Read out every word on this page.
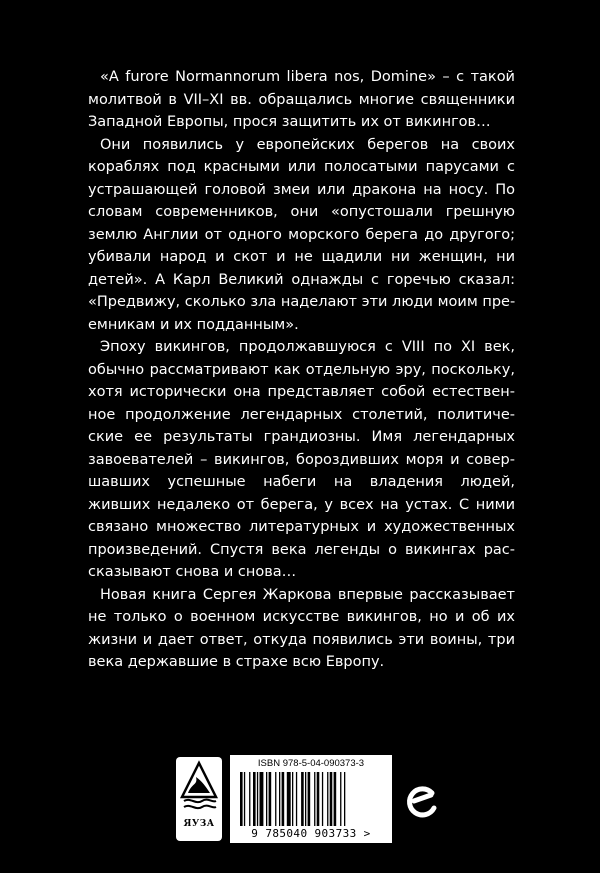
«A furore Normannorum libera nos, Domine» – с такой
молитвой в VII–XI вв. обращались многие священники
Западной Европы, прося защитить их от викингов…

Они появились у европейских берегов на своих
кораблях под красными или полосатыми парусами с
устрашающей головой змеи или дракона на носу. По
словам современников, они «опустошали грешную
землю Англии от одного морского берега до другого;
убивали народ и скот и не щадили ни женщин, ни
детей». А Карл Великий однажды с горечью сказал:
«Предвижу, сколько зла наделают эти люди моим пре-
емникам и их подданным».

Эпоху викингов, продолжавшуюся с VIII по XI век,
обычно рассматривают как отдельную эру, поскольку,
хотя исторически она представляет собой естествен-
ное продолжение легендарных столетий, политиче-
ские ее результаты грандиозны. Имя легендарных
завоевателей – викингов, бороздивших моря и совер-
шавших успешные набеги на владения людей,
живших недалеко от берега, у всех на устах. С ними
связано множество литературных и художественных
произведений. Спустя века легенды о викингах рас-
сказывают снова и снова…

Новая книга Сергея Жаркова впервые рассказывает
не только о военном искусстве викингов, но и об их
жизни и дает ответ, откуда появились эти воины, три
века державшие в страхе всю Европу.

ЯУЗА
ISBN 978-5-04-090373-3
9 785040 903733 >
